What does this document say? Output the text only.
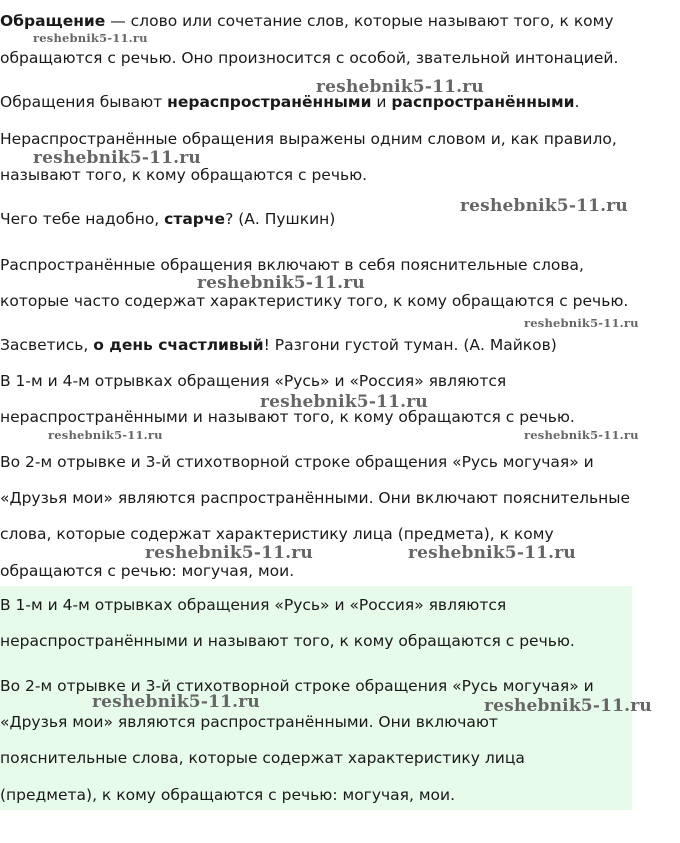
Обращение — слово или сочетание слов, которые называют того, к кому
обращаются с речью. Оно произносится с особой, звательной интонацией.
Обращения бывают нераспространёнными и распространёнными.
Нераспространённые обращения выражены одним словом и, как правило,
называют того, к кому обращаются с речью.
Чего тебе надобно, старче? (А. Пушкин)
Распространённые обращения включают в себя пояснительные слова,
которые часто содержат характеристику того, к кому обращаются с речью.
Засветись, о день счастливый! Разгони густой туман. (А. Майков)
В 1-м и 4-м отрывках обращения «Русь» и «Россия» являются
нераспространёнными и называют того, к кому обращаются с речью.
Во 2-м отрывке и 3-й стихотворной строке обращения «Русь могучая» и
«Друзья мои» являются распространёнными. Они включают пояснительные
слова, которые содержат характеристику лица (предмета), к кому
обращаются с речью: могучая, мои.
В 1-м и 4-м отрывках обращения «Русь» и «Россия» являются
нераспространёнными и называют того, к кому обращаются с речью.
Во 2-м отрывке и 3-й стихотворной строке обращения «Русь могучая» и
«Друзья мои» являются распространёнными. Они включают
пояснительные слова, которые содержат характеристику лица
(предмета), к кому обращаются с речью: могучая, мои.
reshebnik5-11.ru
reshebnik5-11.ru
reshebnik5-11.ru
reshebnik5-11.ru
reshebnik5-11.ru
reshebnik5-11.ru
reshebnik5-11.ru
reshebnik5-11.ru	reshebnik5-11.ru
reshebnik5-11.ru	reshebnik5-11.ru
reshebnik5-11.ru	reshebnik5-11.ru
